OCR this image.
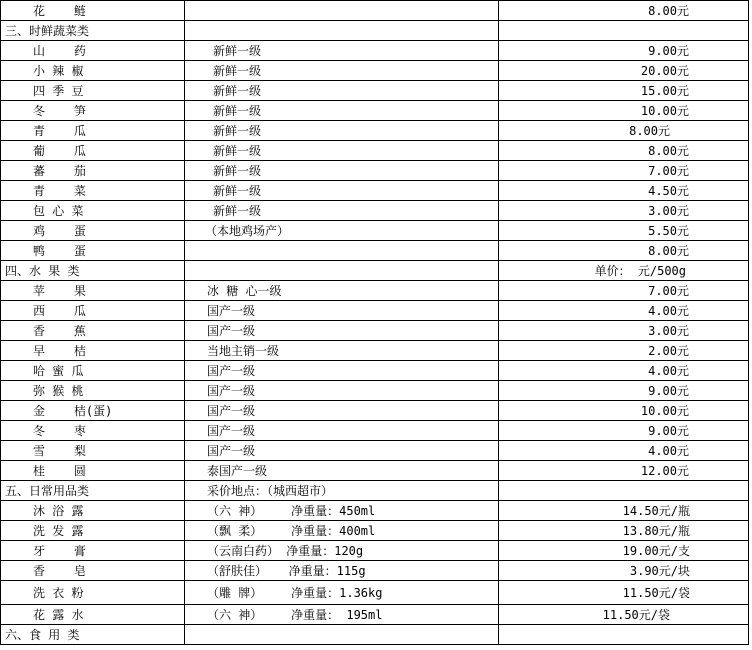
花    鲢		8.00元
三、时鲜蔬菜类		
山    药	新鲜一级	9.00元
小 辣 椒	新鲜一级	20.00元
四 季 豆	新鲜一级	15.00元
冬    笋	新鲜一级	10.00元
青    瓜	新鲜一级	8.00元
葡    瓜	新鲜一级	8.00元
蕃    茄	新鲜一级	7.00元
青    菜	新鲜一级	4.50元
包 心 菜	新鲜一级	3.00元
鸡    蛋	（本地鸡场产）	5.50元
鸭    蛋		8.00元
四、水 果 类		单价： 元/500g
苹    果	冰 糖 心一级	7.00元
西    瓜	国产一级	4.00元
香    蕉	国产一级	3.00元
早    桔	当地主销一级	2.00元
哈 蜜 瓜	国产一级	4.00元
弥 猴 桃	国产一级	9.00元
金    桔(蛋)	国产一级	10.00元
冬    枣	国产一级	9.00元
雪    梨	国产一级	4.00元
桂    圆	泰国产一级	12.00元
五、日常用品类	采价地点：（城西超市）	
沐 浴 露	（六 神）    净重量：450ml	14.50元/瓶
洗 发 露	（飘 柔）    净重量：400ml	13.80元/瓶
牙    膏	（云南白药） 净重量：120g	19.00元/支
香    皂	（舒肤佳）   净重量：115g	3.90元/块
洗 衣 粉	（雕 牌）    净重量：1.36kg	11.50元/袋
花 露 水	（六 神）    净重量： 195ml	11.50元/袋
六、食 用 类		
